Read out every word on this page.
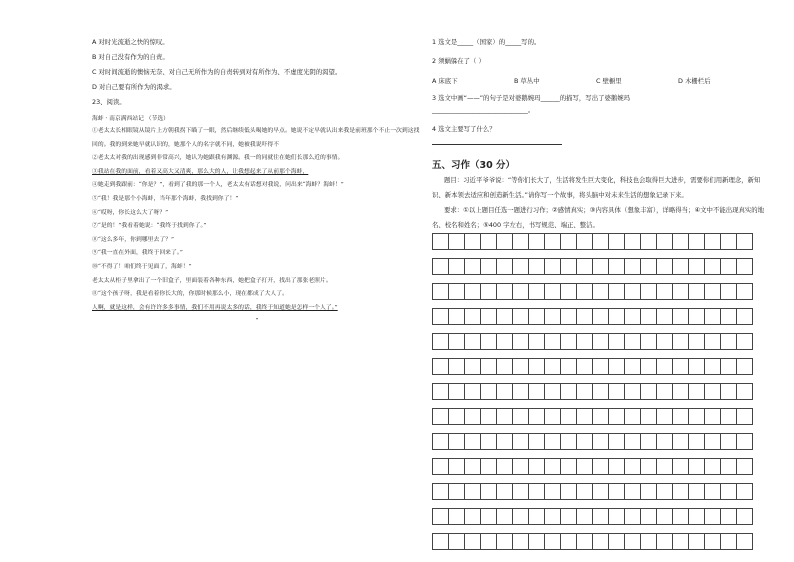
A 对时光流逝之快的惊叹。
B 对自己没有作为的自责。
C 对时间流逝的懊恼无奈、对自己无所作为的自责转到对有所作为、不虚度光阴的渴望。
D 对自己要有所作为的渴求。
23、阅读。
海蚌 · 南京满西站记 （节选）

①老太太长相眼镜从镜片上方朝我拐下瞄了一眼，然后继续低头喝她的早点。她说不定早就认出来我是前班那个不止一次到这找回的。我的到来她早就认识的，她那个人的名字就不同，她被我说吓得不

②老太太对我的出现感到非常高兴，她认为她跟我有渊源。我一的同就住在她们长那么近的事情。

③我站在我的面前，看着又高大又清爽，那么大的人，让我想起来了从前那个海蚌，

④她走到我跟前：“你是？”，看到了我的那一个人，老太太有话想对我说，问出来“海蚌？海蚌！”

⑤“我！我是那个小海蚌，当年那个海蚌，我找到你了！”

⑥“哎呀，你长这么大了呀？”

⑦“是的！”我看着她说：“我终于找到你了。”

⑧“这么多年，你到哪里去了？”

⑨“我一直在外面，我终于回来了。”

⑩“不得了！咱们终于见面了，海蚌！”

老太太从柜子里拿出了一个旧盒子，里面装着各种东西，她把盒子打开，找出了那张老照片。

⑪“这个孩子呀，我是看着你长大的，你那时候那么小，现在都成了大人了。

人啊，就是这样，会有许许多多事情，我们不用再说太多的话，我终于知道她是怎样一个人了。”

”

1 选文是_____（国家）的_____写的。
2 须蜗躲在了（ ）
A 床底下	B 草丛中	C 壁橱里	D 木栅栏后
3 选文中画“——”的句子是对婆鹅婉玛______的描写，写出了婆鹅婉玛
______________________________。
4 选文主要写了什么？
五、习作（30 分）
题目：习近平爷爷说：“等你们长大了，生活将发生巨大变化，科技也会取得巨大进步，需要你们用新理念，新知识、新本领去适应和创造新生活。”请你写一个故事，将头脑中对未来生活的想象记录下来。
要求：①以上题目任选一题进行习作；②感情真实；③内容具体（想象丰富），详略得当；④文中不能出现真实的地名、校名和姓名；⑤400 字左右，书写规范、端正、整洁。
